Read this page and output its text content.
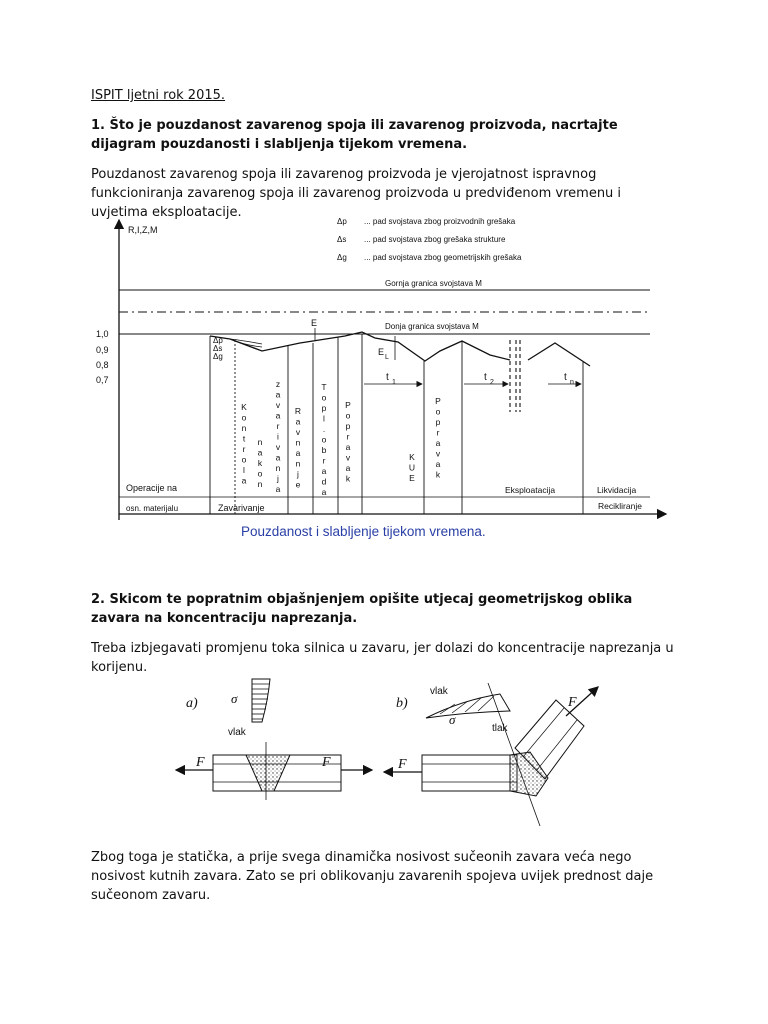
ISPIT ljetni rok 2015.

1. Što je pouzdanost zavarenog spoja ili zavarenog proizvoda, nacrtajte dijagram pouzdanosti i slabljenja tijekom vremena.

Pouzdanost zavarenog spoja ili zavarenog proizvoda je vjerojatnost ispravnog funkcioniranja zavarenog spoja ili zavarenog proizvoda u predviđenom vremenu i uvjetima eksploatacije.

R,I,Z,M
Δp ... pad svojstava zbog proizvodnih grešaka
Δs ... pad svojstava zbog grešaka strukture
Δg ... pad svojstava zbog geometrijskih grešaka
Gornja granica svojstava M
Donja granica svojstava M
1,0
0,9
0,8
0,7
Δp
Δs
Δg
E
E
L
t 1	t 2	t n
K o n t r o l a
n a k o n
z a v a r i v a n j a
R a v n a n j e
T o p l . o b r a d a
P o p r a v a k
K U E
P o p r a v a k
Operacije na
osn. materijalu	Zavarivanje
Eksploatacija	Likvidacija
Recikliranje
Pouzdanost i slabljenje tijekom vremena.

2. Skicom te popratnim objašnjenjem opišite utjecaj geometrijskog oblika zavara na koncentraciju naprezanja.

Treba izbjegavati promjenu toka silnica u zavaru, jer dolazi do koncentracije naprezanja u korijenu.

a)	σ
vlak
F	F
b)
vlak
σ
tlak
F
F

Zbog toga je statička, a prije svega dinamička nosivost sučeonih zavara veća nego nosivost kutnih zavara. Zato se pri oblikovanju zavarenih spojeva uvijek prednost daje sučeonom zavaru.
